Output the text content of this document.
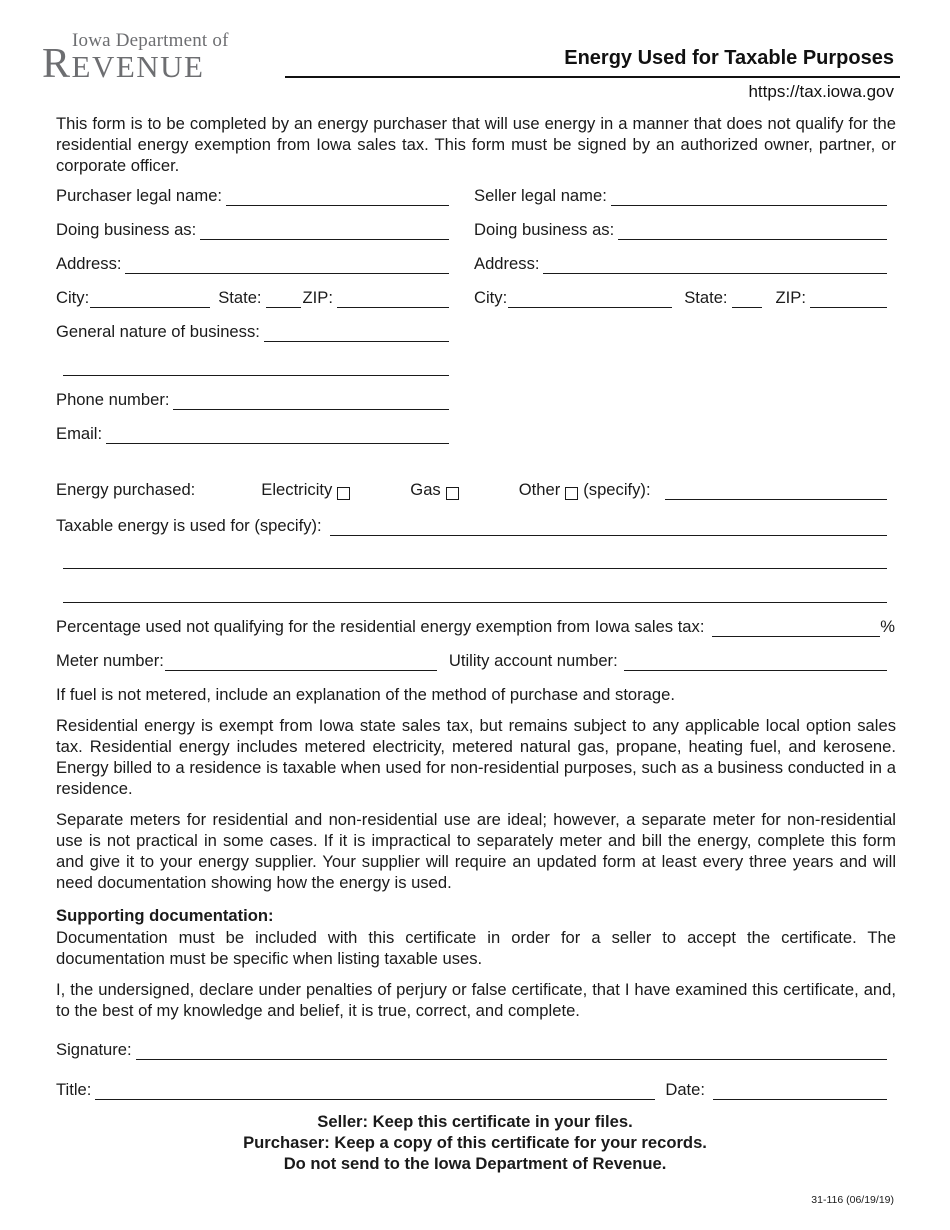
Iowa Department of
REVENUE	Energy Used for Taxable Purposes
https://tax.iowa.gov
This form is to be completed by an energy purchaser that will use energy in a manner that does not qualify for the residential energy exemption from Iowa sales tax. This form must be signed by an authorized owner, partner, or corporate officer.
Purchaser legal name:
Doing business as:
Address:
City:	State: ZIP:
General nature of business:
Phone number:
Email:
Seller legal name:
Doing business as:
Address:
City:	State:	ZIP:
Energy purchased:	Electricity	Gas	Other (specify):
Taxable energy is used for (specify):
Percentage used not qualifying for the residential energy exemption from Iowa sales tax:	%
Meter number:	Utility account number:
If fuel is not metered, include an explanation of the method of purchase and storage.
Residential energy is exempt from Iowa state sales tax, but remains subject to any applicable local option sales tax. Residential energy includes metered electricity, metered natural gas, propane, heating fuel, and kerosene. Energy billed to a residence is taxable when used for non-residential purposes, such as a business conducted in a residence.
Separate meters for residential and non-residential use are ideal; however, a separate meter for non-residential use is not practical in some cases. If it is impractical to separately meter and bill the energy, complete this form and give it to your energy supplier. Your supplier will require an updated form at least every three years and will need documentation showing how the energy is used.
Supporting documentation:
Documentation must be included with this certificate in order for a seller to accept the certificate. The documentation must be specific when listing taxable uses.
I, the undersigned, declare under penalties of perjury or false certificate, that I have examined this certificate, and, to the best of my knowledge and belief, it is true, correct, and complete.
Signature:
Title:	Date:
Seller: Keep this certificate in your files.
Purchaser: Keep a copy of this certificate for your records.
Do not send to the Iowa Department of Revenue.
31-116 (06/19/19)
